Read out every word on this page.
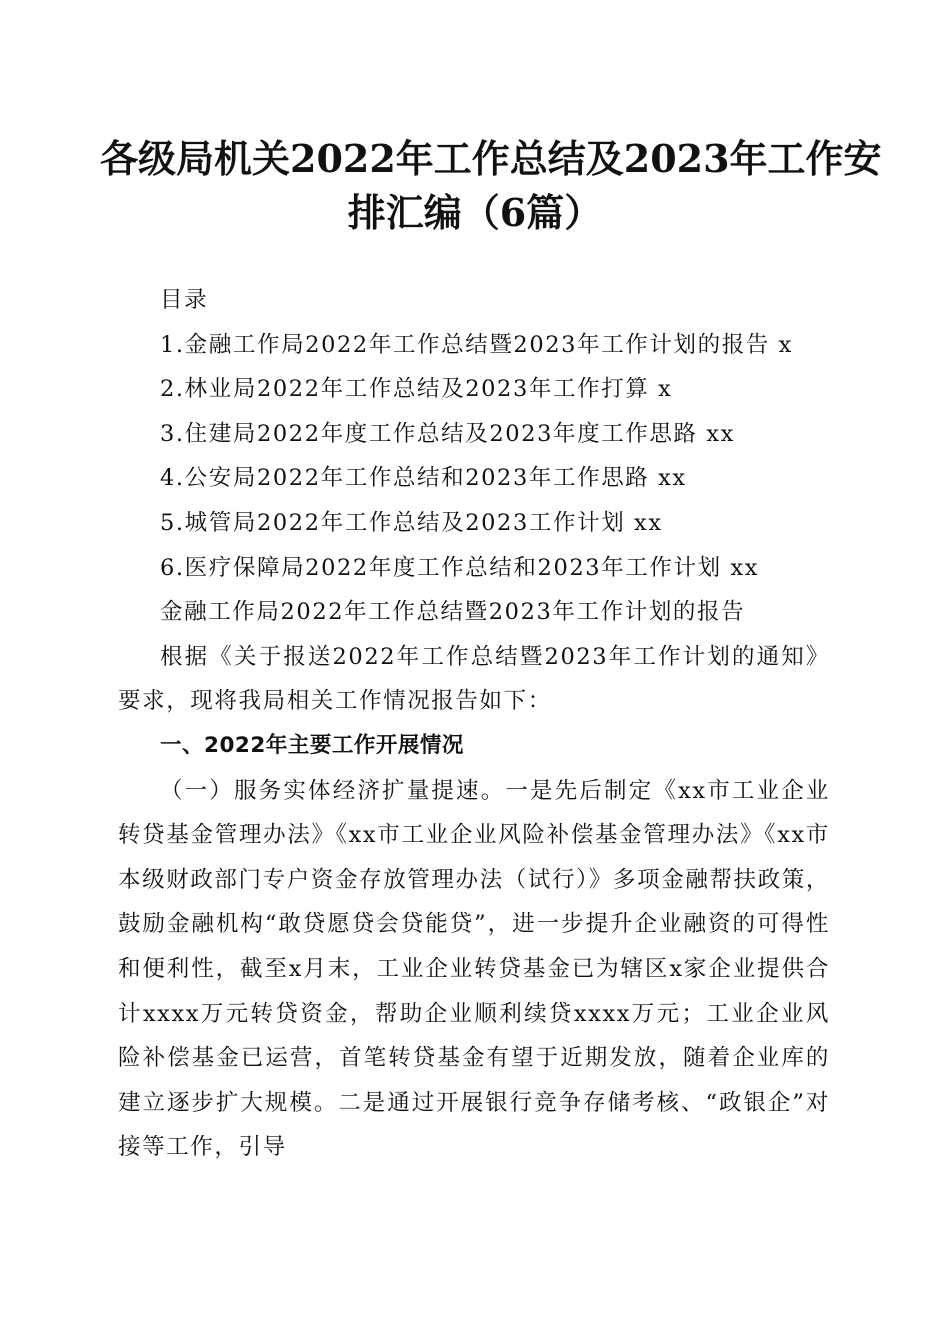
各级局机关2022年工作总结及2023年工作安
排汇编（6篇）

目录

1.金融工作局2022年工作总结暨2023年工作计划的报告 x

2.林业局2022年工作总结及2023年工作打算 x

3.住建局2022年度工作总结及2023年度工作思路 xx

4.公安局2022年工作总结和2023年工作思路 xx

5.城管局2022年工作总结及2023工作计划 xx

6.医疗保障局2022年度工作总结和2023年工作计划 xx

金融工作局2022年工作总结暨2023年工作计划的报告

根据《关于报送2022年工作总结暨2023年工作计划的通知》要求，现将我局相关工作情况报告如下：

一、2022年主要工作开展情况

（一）服务实体经济扩量提速。一是先后制定《xx市工业企业转贷基金管理办法》《xx市工业企业风险补偿基金管理办法》《xx市本级财政部门专户资金存放管理办法（试行）》多项金融帮扶政策，鼓励金融机构“敢贷愿贷会贷能贷”，进一步提升企业融资的可得性和便利性，截至x月末，工业企业转贷基金已为辖区x家企业提供合计xxxx万元转贷资金，帮助企业顺利续贷xxxx万元；工业企业风险补偿基金已运营，首笔转贷基金有望于近期发放，随着企业库的建立逐步扩大规模。二是通过开展银行竞争存储考核、“政银企”对接等工作，引导
